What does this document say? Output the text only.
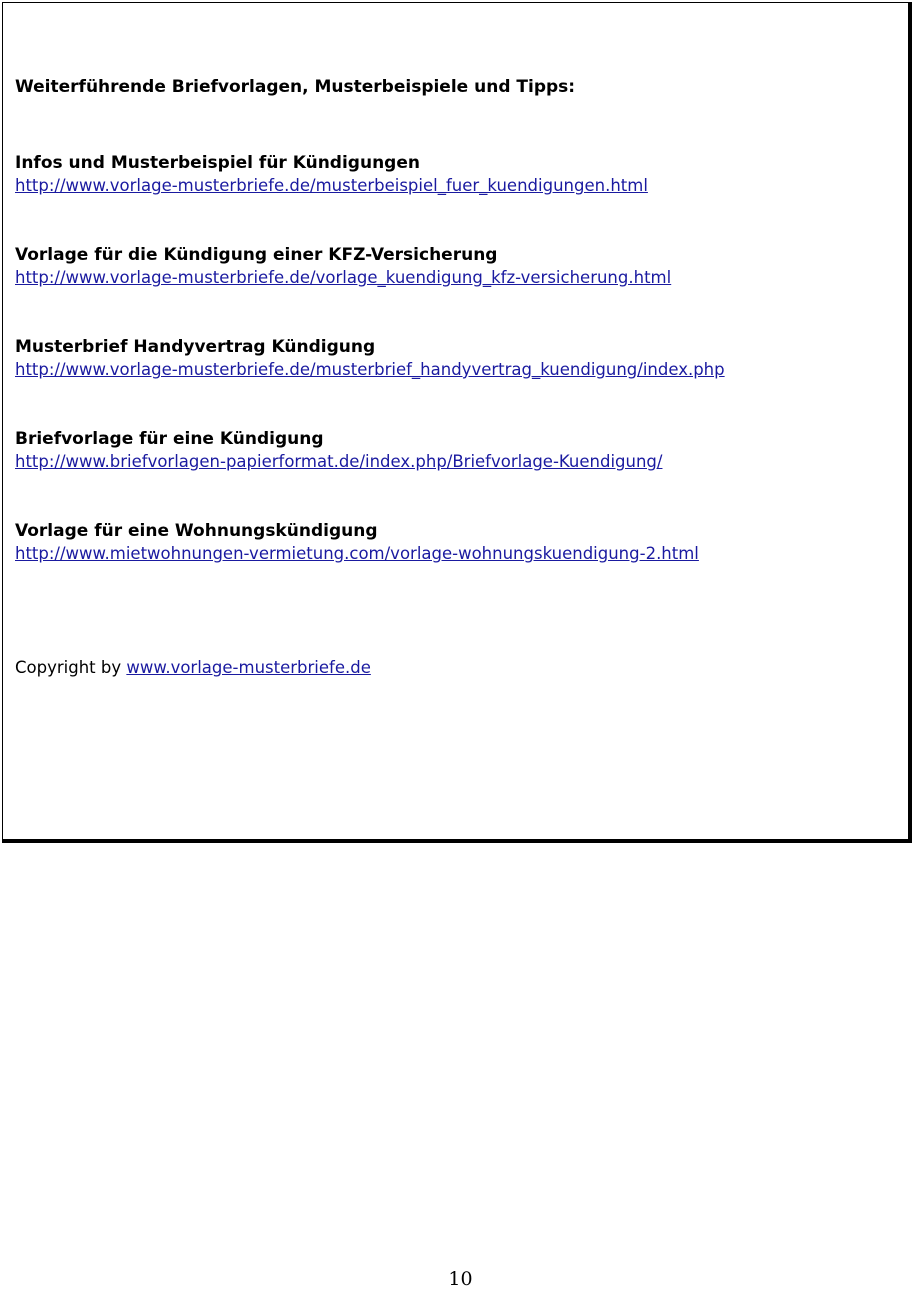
Weiterführende Briefvorlagen, Musterbeispiele und Tipps:
Infos und Musterbeispiel für Kündigungen
http://www.vorlage-musterbriefe.de/musterbeispiel_fuer_kuendigungen.html
Vorlage für die Kündigung einer KFZ-Versicherung
http://www.vorlage-musterbriefe.de/vorlage_kuendigung_kfz-versicherung.html
Musterbrief Handyvertrag Kündigung
http://www.vorlage-musterbriefe.de/musterbrief_handyvertrag_kuendigung/index.php
Briefvorlage für eine Kündigung
http://www.briefvorlagen-papierformat.de/index.php/Briefvorlage-Kuendigung/
Vorlage für eine Wohnungskündigung
http://www.mietwohnungen-vermietung.com/vorlage-wohnungskuendigung-2.html
Copyright by www.vorlage-musterbriefe.de
10
